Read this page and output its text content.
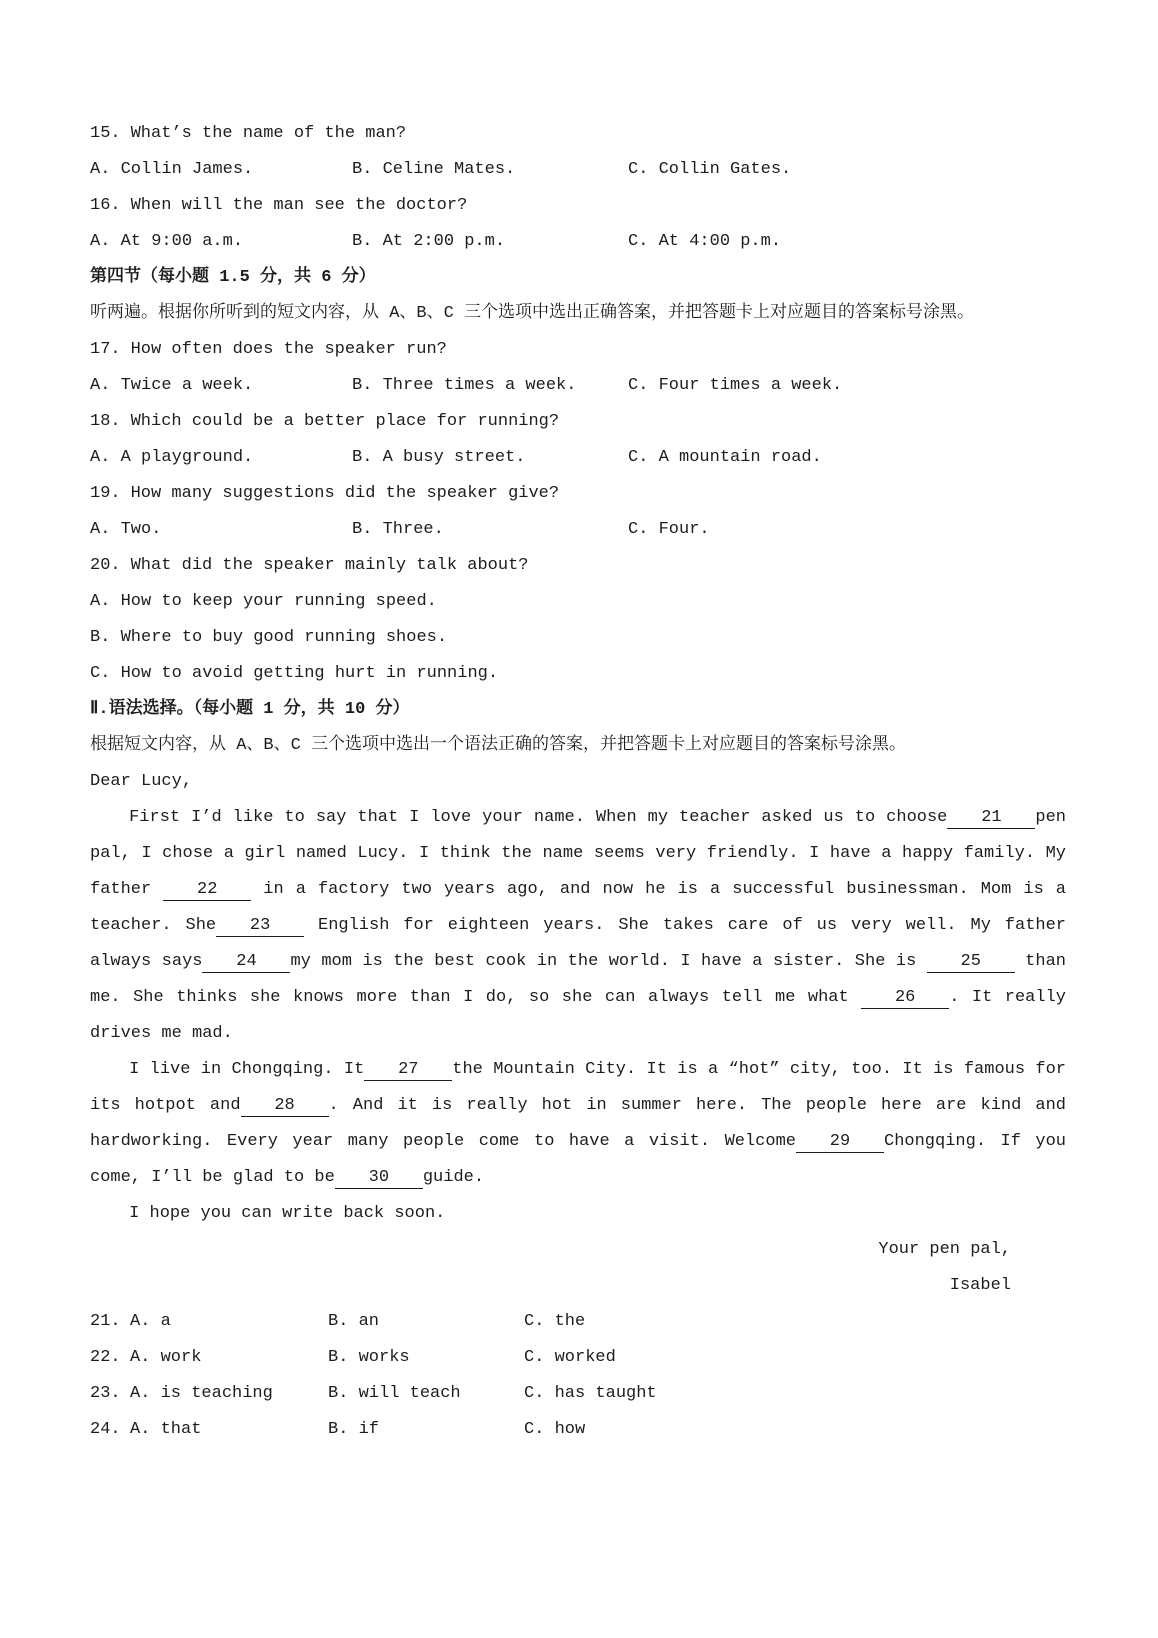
15. What’s the name of the man?
A. Collin James.	B. Celine Mates.	C. Collin Gates.
16. When will the man see the doctor?
A. At 9:00 a.m.	B. At 2:00 p.m.	C. At 4:00 p.m.
第四节（每小题 1.5 分，共 6 分）
听两遍。根据你所听到的短文内容，从 A、B、C 三个选项中选出正确答案，并把答题卡上对应题目的答案标号涂黑。
17. How often does the speaker run?
A. Twice a week.	B. Three times a week.	C. Four times a week.
18. Which could be a better place for running?
A. A playground.	B. A busy street.	C. A mountain road.
19. How many suggestions did the speaker give?
A. Two.	B. Three.	C. Four.
20. What did the speaker mainly talk about?
A. How to keep your running speed.
B. Where to buy good running shoes.
C. How to avoid getting hurt in running.
Ⅱ.语法选择。（每小题 1 分，共 10 分）
根据短文内容，从 A、B、C 三个选项中选出一个语法正确的答案，并把答题卡上对应题目的答案标号涂黑。
Dear Lucy,
First I’d like to say that I love your name. When my teacher asked us to choose 21 pen pal, I chose a girl named Lucy. I think the name seems very friendly. I have a happy family. My father 22 in a factory two years ago, and now he is a successful businessman. Mom is a teacher. She 23 English for eighteen years. She takes care of us very well. My father always says 24 my mom is the best cook in the world. I have a sister. She is 25 than me. She thinks she knows more than I do, so she can always tell me what 26 . It really drives me mad.
I live in Chongqing. It 27 the Mountain City. It is a “hot” city, too. It is famous for its hotpot and 28 . And it is really hot in summer here. The people here are kind and hardworking. Every year many people come to have a visit. Welcome 29 Chongqing. If you come, I’ll be glad to be 30 guide.
I hope you can write back soon.
Your pen pal,
Isabel
21. A. a	B. an	C. the
22. A. work	B. works	C. worked
23. A. is teaching	B. will teach	C. has taught
24. A. that	B. if	C. how
